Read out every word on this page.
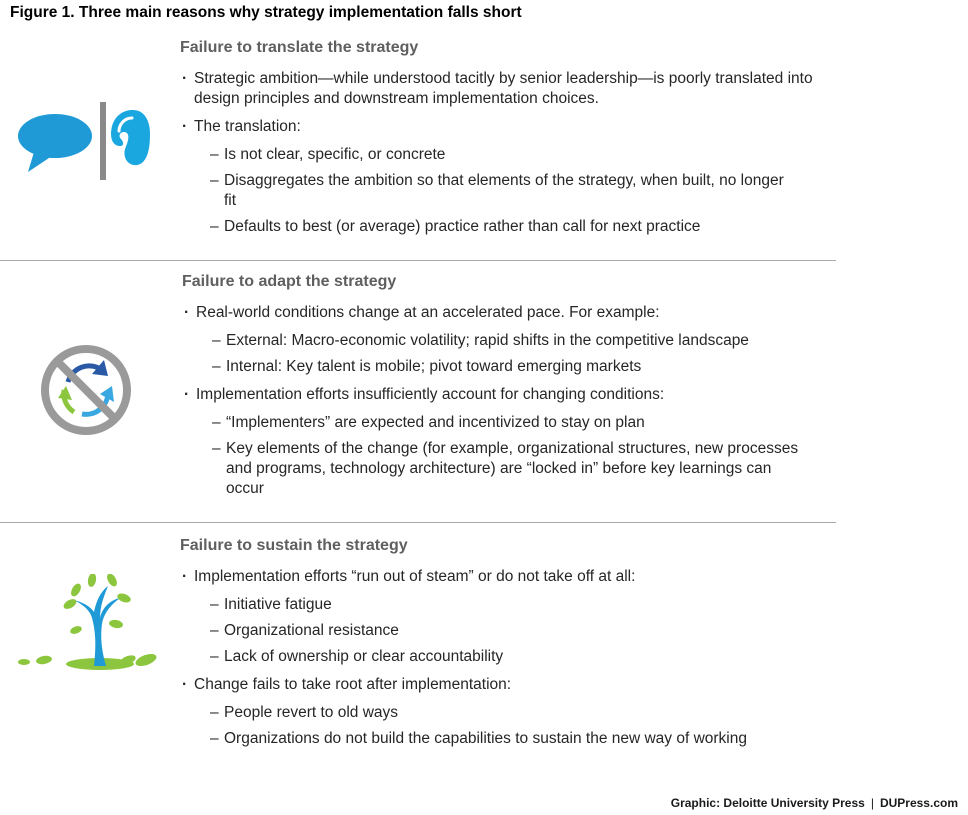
Figure 1. Three main reasons why strategy implementation falls short
Failure to translate the strategy
· Strategic ambition—while understood tacitly by senior leadership—is poorly translated into design principles and downstream implementation choices.
· The translation:
– Is not clear, specific, or concrete
– Disaggregates the ambition so that elements of the strategy, when built, no longer fit
– Defaults to best (or average) practice rather than call for next practice
Failure to adapt the strategy
· Real-world conditions change at an accelerated pace. For example:
– External: Macro-economic volatility; rapid shifts in the competitive landscape
– Internal: Key talent is mobile; pivot toward emerging markets
· Implementation efforts insufficiently account for changing conditions:
– “Implementers” are expected and incentivized to stay on plan
– Key elements of the change (for example, organizational structures, new processes and programs, technology architecture) are “locked in” before key learnings can occur
Failure to sustain the strategy
· Implementation efforts “run out of steam” or do not take off at all:
– Initiative fatigue
– Organizational resistance
– Lack of ownership or clear accountability
· Change fails to take root after implementation:
– People revert to old ways
– Organizations do not build the capabilities to sustain the new way of working
Graphic: Deloitte University Press | DUPress.com
